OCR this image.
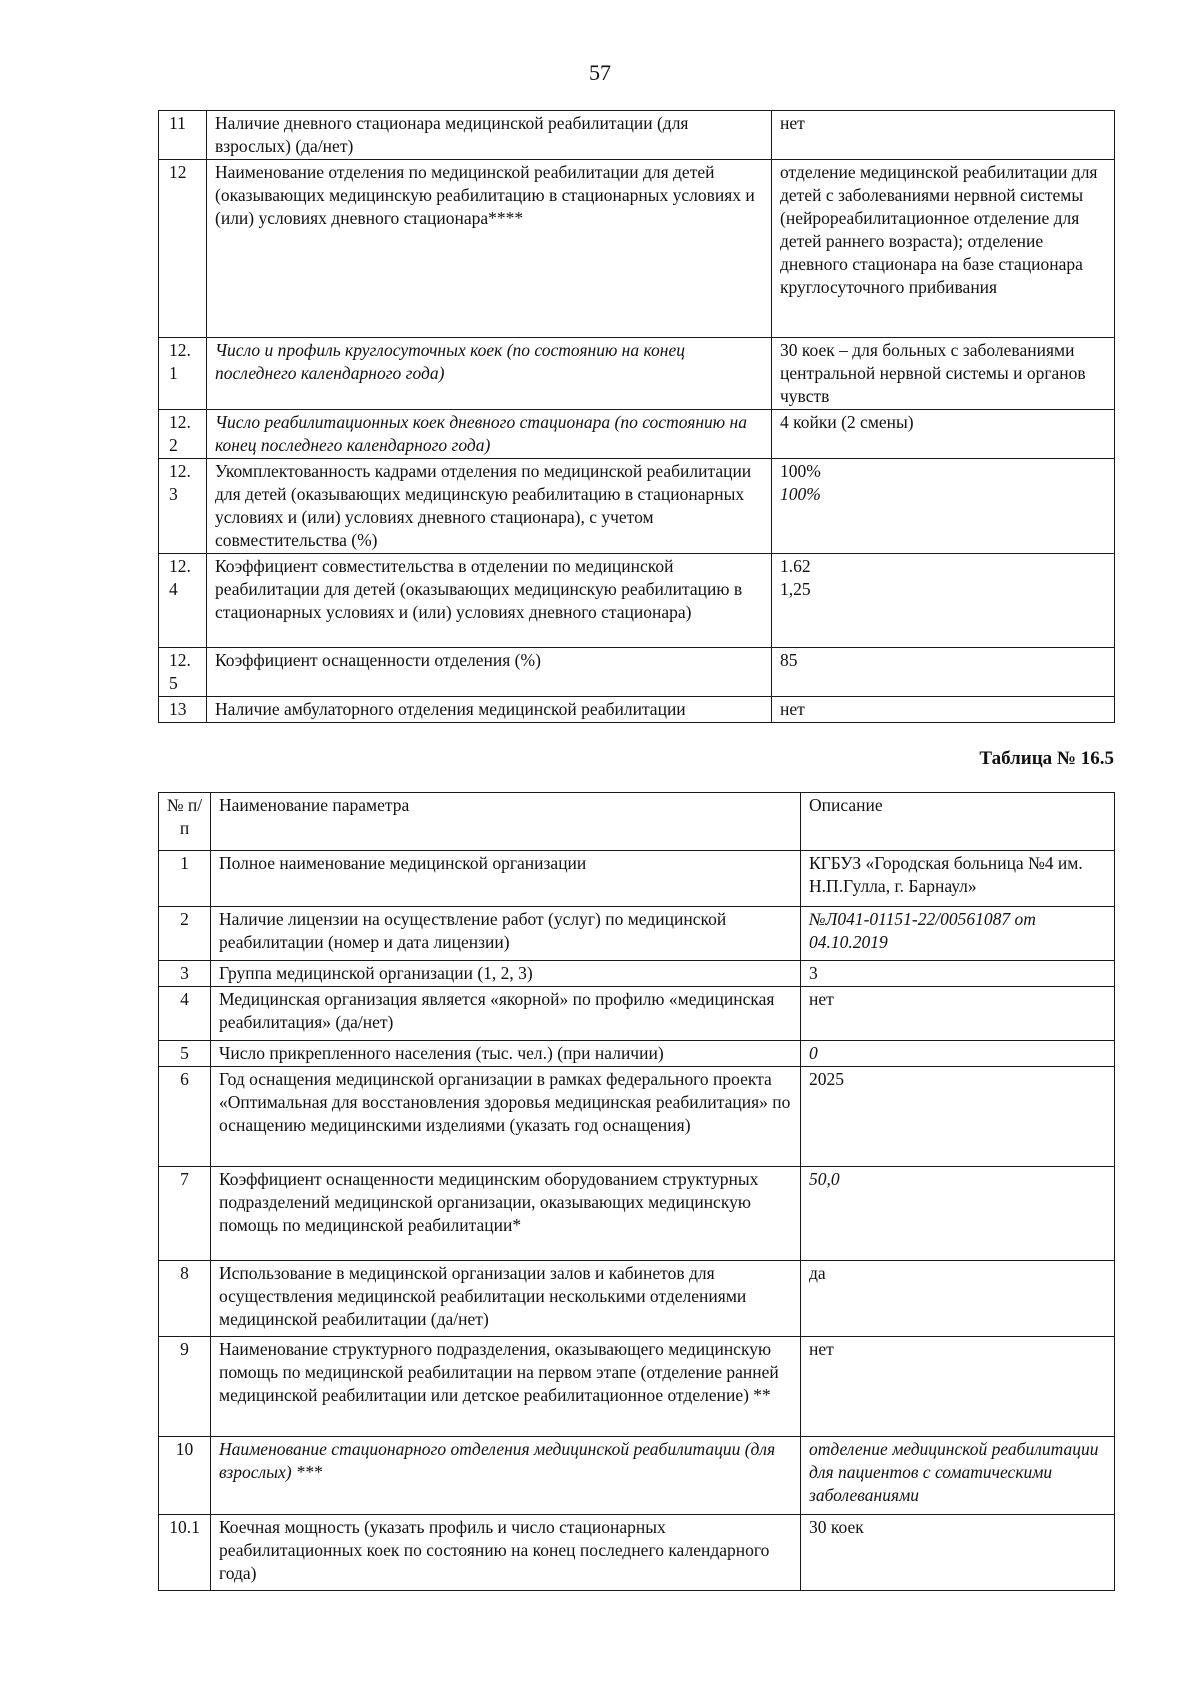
57
11	Наличие дневного стационара медицинской реабилитации (для взрослых) (да/нет)	нет
12	Наименование отделения по медицинской реабилитации для детей (оказывающих медицинскую реабилитацию в стационарных условиях и (или) условиях дневного стационара****	отделение медицинской реабилитации для детей с заболеваниями нервной системы (нейрореабилитационное отделение для детей раннего возраста); отделение дневного стационара на базе стационара круглосуточного прибивания
12.1	Число и профиль круглосуточных коек (по состоянию на конец последнего календарного года)	30 коек – для больных с заболеваниями центральной нервной системы и органов чувств
12.2	Число реабилитационных коек дневного стационара (по состоянию на конец последнего календарного года)	4 койки (2 смены)
12.3	Укомплектованность кадрами отделения по медицинской реабилитации для детей (оказывающих медицинскую реабилитацию в стационарных условиях и (или) условиях дневного стационара), с учетом совместительства (%)	100%
100%

12.4	Коэффициент совместительства в отделении по медицинской реабилитации для детей (оказывающих медицинскую реабилитацию в стационарных условиях и (или) условиях дневного стационара)	1.62
1,25

12.5	Коэффициент оснащенности отделения (%)	85
13	Наличие амбулаторного отделения медицинской реабилитации	нет
Таблица № 16.5
№ п/п	Наименование параметра	Описание
1	Полное наименование медицинской организации	КГБУЗ «Городская больница №4 им. Н.П.Гулла, г. Барнаул»
2	Наличие лицензии на осуществление работ (услуг) по медицинской реабилитации (номер и дата лицензии)	№Л041-01151-22/00561087 от 04.10.2019
3	Группа медицинской организации (1, 2, 3)	3
4	Медицинская организация является «якорной» по профилю «медицинская реабилитация» (да/нет)	нет
5	Число прикрепленного населения (тыс. чел.) (при наличии)	0
6	Год оснащения медицинской организации в рамках федерального проекта «Оптимальная для восстановления здоровья медицинская реабилитация» по оснащению медицинскими изделиями (указать год оснащения)	2025
7	Коэффициент оснащенности медицинским оборудованием структурных подразделений медицинской организации, оказывающих медицинскую помощь по медицинской реабилитации*	50,0
8	Использование в медицинской организации залов и кабинетов для осуществления медицинской реабилитации несколькими отделениями медицинской реабилитации (да/нет)	да
9	Наименование структурного подразделения, оказывающего медицинскую помощь по медицинской реабилитации на первом этапе (отделение ранней медицинской реабилитации или детское реабилитационное отделение) **	нет
10	Наименование стационарного отделения медицинской реабилитации (для взрослых) ***	отделение медицинской реабилитации для пациентов с соматическими заболеваниями
10.1	Коечная мощность (указать профиль и число стационарных реабилитационных коек по состоянию на конец последнего календарного года)	30 коек
